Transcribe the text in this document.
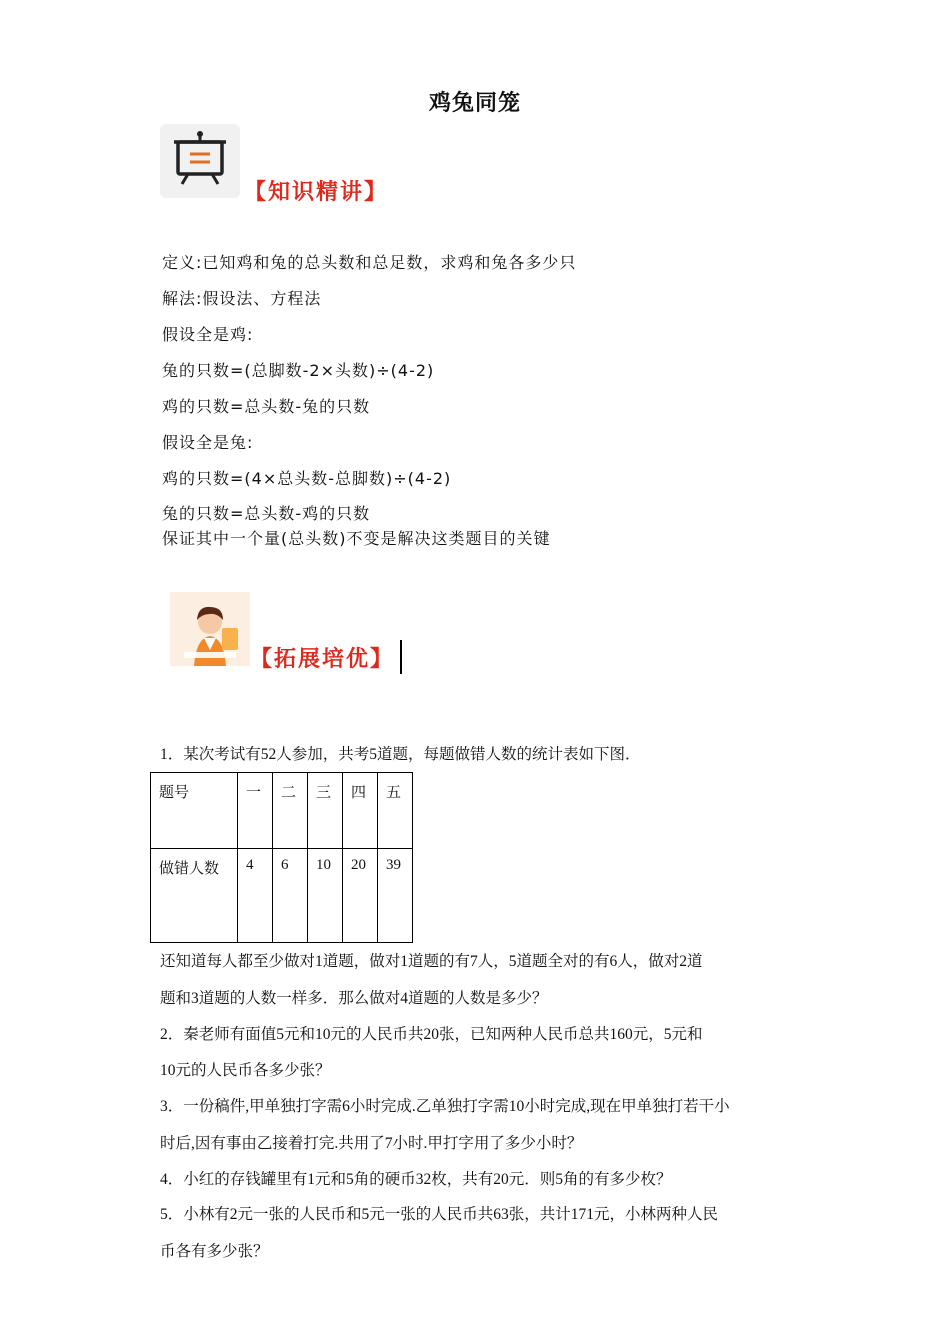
鸡兔同笼
【知识精讲】
定义:已知鸡和兔的总头数和总足数，求鸡和兔各多少只
解法:假设法、方程法
假设全是鸡:
兔的只数=(总脚数-2×头数)÷(4-2)
鸡的只数=总头数-兔的只数
假设全是兔:
鸡的只数=(4×总头数-总脚数)÷(4-2)
兔的只数=总头数-鸡的只数
保证其中一个量(总头数)不变是解决这类题目的关键
【拓展培优】
1．某次考试有52人参加，共考5道题，每题做错人数的统计表如下图．
题号	一	二	三	四	五
做错人数	4	6	10	20	39
还知道每人都至少做对1道题，做对1道题的有7人，5道题全对的有6人，做对2道
题和3道题的人数一样多．那么做对4道题的人数是多少？
2．秦老师有面值5元和10元的人民币共20张，已知两种人民币总共160元，5元和
10元的人民币各多少张？
3．一份稿件,甲单独打字需6小时完成.乙单独打字需10小时完成,现在甲单独打若干小
时后,因有事由乙接着打完.共用了7小时.甲打字用了多少小时？
4．小红的存钱罐里有1元和5角的硬币32枚，共有20元．则5角的有多少枚？
5．小林有2元一张的人民币和5元一张的人民币共63张，共计171元，小林两种人民
币各有多少张？
